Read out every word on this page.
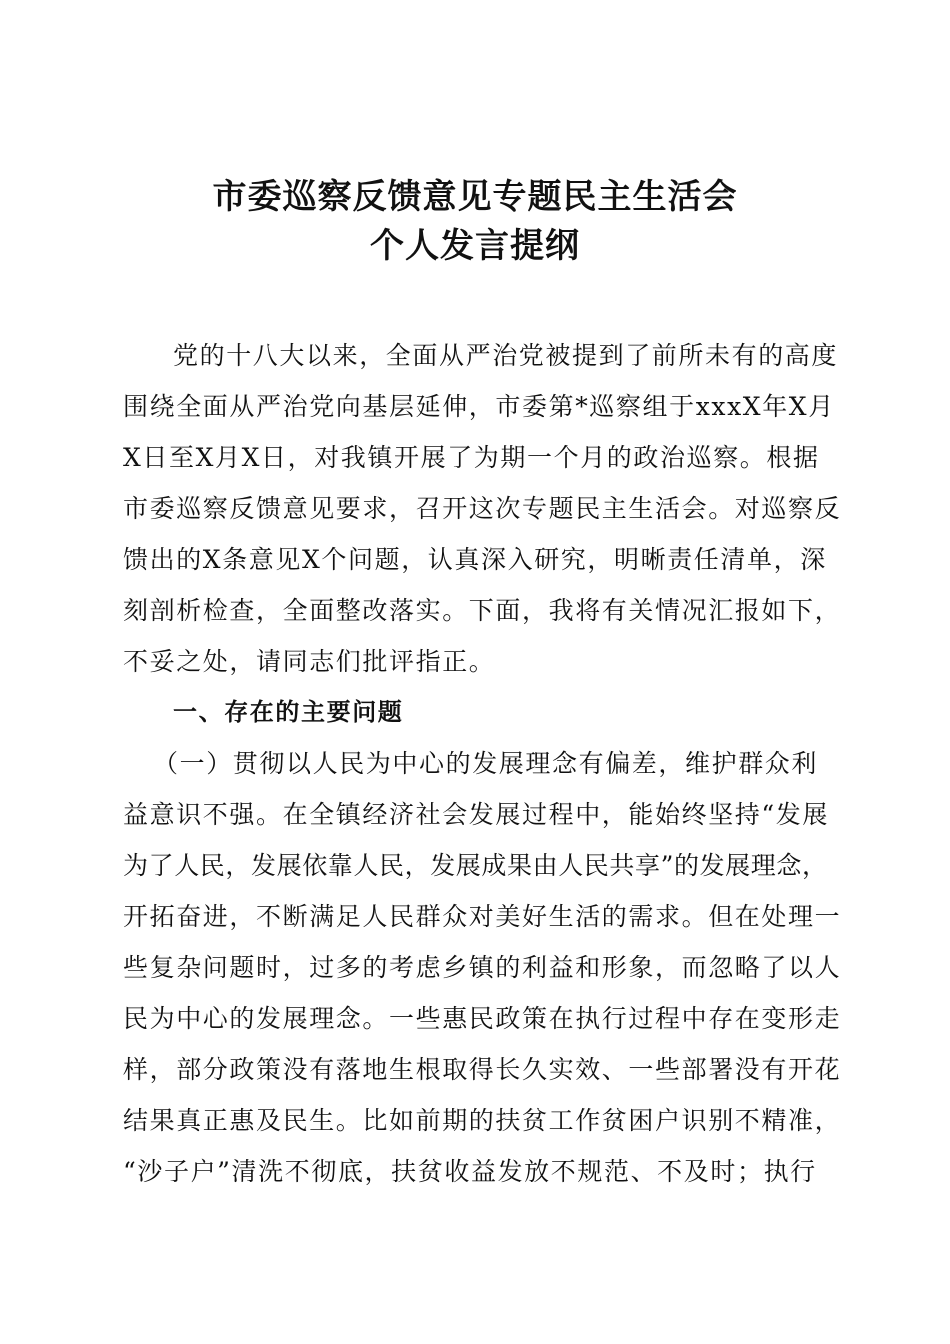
市委巡察反馈意见专题民主生活会
个人发言提纲
党的十八大以来，全面从严治党被提到了前所未有的高度
围绕全面从严治党向基层延伸，市委第*巡察组于xxxX年X月
X日至X月X日，对我镇开展了为期一个月的政治巡察。根据
市委巡察反馈意见要求，召开这次专题民主生活会。对巡察反
馈出的X条意见X个问题，认真深入研究，明晰责任清单，深
刻剖析检查，全面整改落实。下面，我将有关情况汇报如下，
不妥之处，请同志们批评指正。
一、存在的主要问题
（一）贯彻以人民为中心的发展理念有偏差，维护群众利
益意识不强。在全镇经济社会发展过程中，能始终坚持“发展
为了人民，发展依靠人民，发展成果由人民共享”的发展理念，
开拓奋进，不断满足人民群众对美好生活的需求。但在处理一
些复杂问题时，过多的考虑乡镇的利益和形象，而忽略了以人
民为中心的发展理念。一些惠民政策在执行过程中存在变形走
样，部分政策没有落地生根取得长久实效、一些部署没有开花
结果真正惠及民生。比如前期的扶贫工作贫困户识别不精准，
“沙子户”清洗不彻底，扶贫收益发放不规范、不及时；执行
